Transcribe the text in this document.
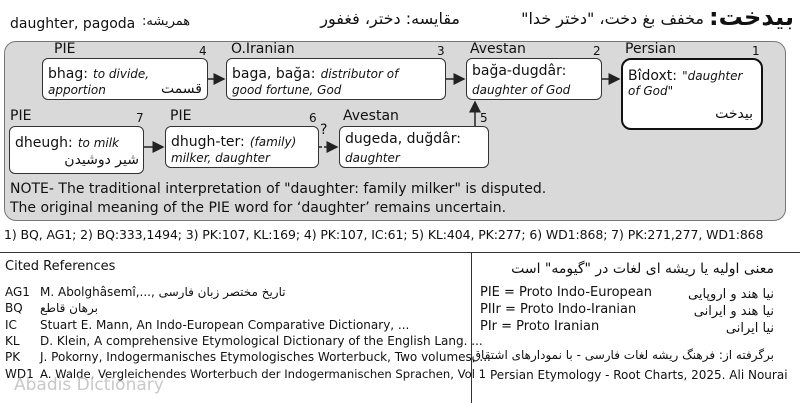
بیدخت:
مخفف بغ دخت، "دختر خدا"
مقایسه: دختر، فغفور
همریشه:
daughter, pagoda
PIE	4 O.Iranian	3 Avestan	2 Persian	1
bhag: to divide,
apportion	قسمت
baga, bağa: distributor of
good fortune, God
bağa-dugdâr:
daughter of God
Bîdoxt: "daughter
of God"
بیدخت
PIE	7 PIE	6 Avestan	5
dheugh: to milk
شیر دوشیدن
dhugh-ter: (family)
milker, daughter
dugeda, duğdâr:
daughter
?
NOTE- The traditional interpretation of "daughter: family milker" is disputed.
The original meaning of the PIE word for ‘daughter’ remains uncertain.
1) BQ, AG1; 2) BQ:333,1494; 3) PK:107, KL:169; 4) PK:107, IC:61; 5) KL:404, PK:277; 6) WD1:868; 7) PK:271,277, WD1:868
Cited References
AG1 M. Abolghâsemî,..., تاریخ مختصر زبان فارسی
BQ برهان قاطع
IC Stuart E. Mann, An Indo-European Comparative Dictionary, ...
KL D. Klein, A comprehensive Etymological Dictionary of the English Lang. ...
PK J. Pokorny, Indogermanisches Etymologisches Worterbuck, Two volumes, ...
WD1 A. Walde, Vergleichendes Worterbuch der Indogermanischen Sprachen, Vol 1
Abadis Dictionary
معنی اولیه یا ریشه ای لغات در "گیومه" است
PIE = Proto Indo-European	نیا هند و اروپایی
PIIr = Proto Indo-Iranian	نیا هند و ایرانی
PIr = Proto Iranian	نیا ایرانی
برگرفته از: فرهنگ ریشه لغات فارسی - با نمودارهای اشتقاق
Persian Etymology - Root Charts, 2025. Ali Nourai
